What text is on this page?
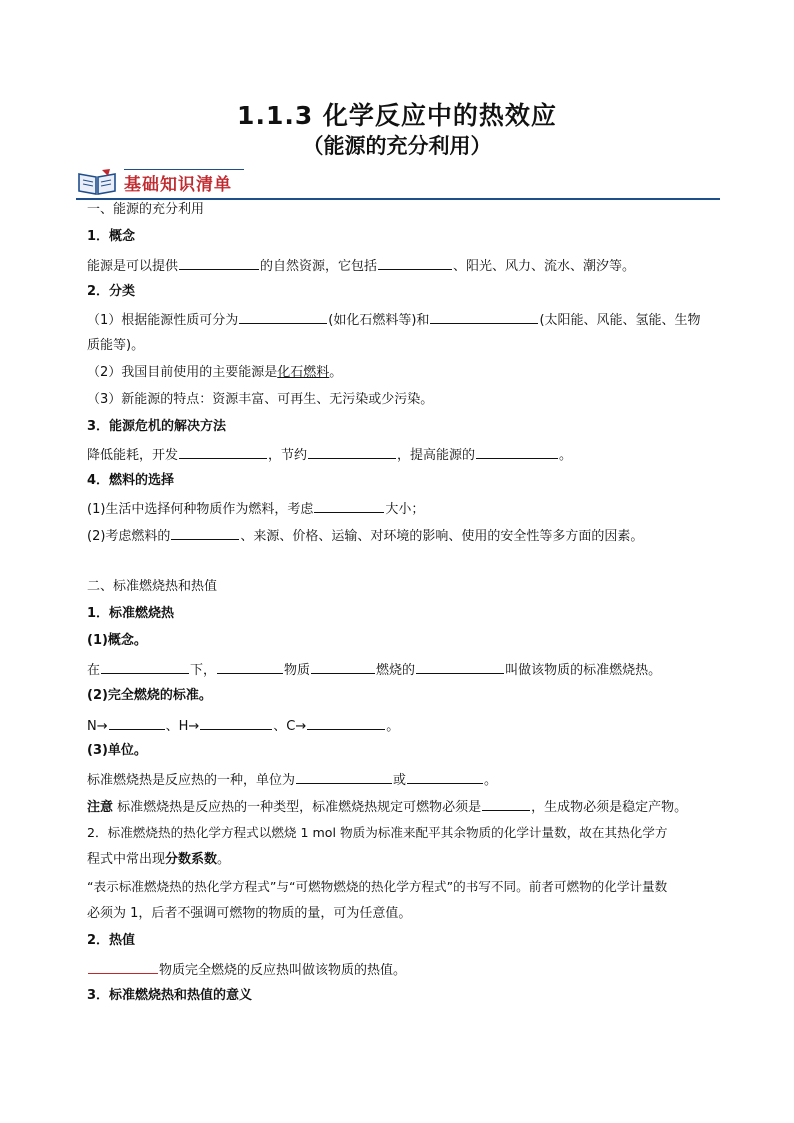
1.1.3 化学反应中的热效应
（能源的充分利用）
基础知识清单
一、能源的充分利用
1．概念
能源是可以提供	的自然资源，它包括	、阳光、风力、流水、潮汐等。
2．分类
（1）根据能源性质可分为	(如化石燃料等)和	(太阳能、风能、氢能、生物
质能等)。
（2）我国目前使用的主要能源是化石燃料。
（3）新能源的特点：资源丰富、可再生、无污染或少污染。
3．能源危机的解决方法
降低能耗，开发	，节约	，提高能源的	。
4．燃料的选择
(1)生活中选择何种物质作为燃料，考虑	大小；
(2)考虑燃料的	、来源、价格、运输、对环境的影响、使用的安全性等多方面的因素。
二、标准燃烧热和热值
1．标准燃烧热
(1)概念。
在	下，	物质	燃烧的	叫做该物质的标准燃烧热。
(2)完全燃烧的标准。
N→	、H→	、C→	。
(3)单位。
标准燃烧热是反应热的一种，单位为	或	。
注意 标准燃烧热是反应热的一种类型，标准燃烧热规定可燃物必须是	，生成物必须是稳定产物。
2．标准燃烧热的热化学方程式以燃烧 1 mol 物质为标准来配平其余物质的化学计量数，故在其热化学方
程式中常出现分数系数。
“表示标准燃烧热的热化学方程式”与“可燃物燃烧的热化学方程式”的书写不同。前者可燃物的化学计量数
必须为 1，后者不强调可燃物的物质的量，可为任意值。
2．热值
物质完全燃烧的反应热叫做该物质的热值。
3．标准燃烧热和热值的意义
